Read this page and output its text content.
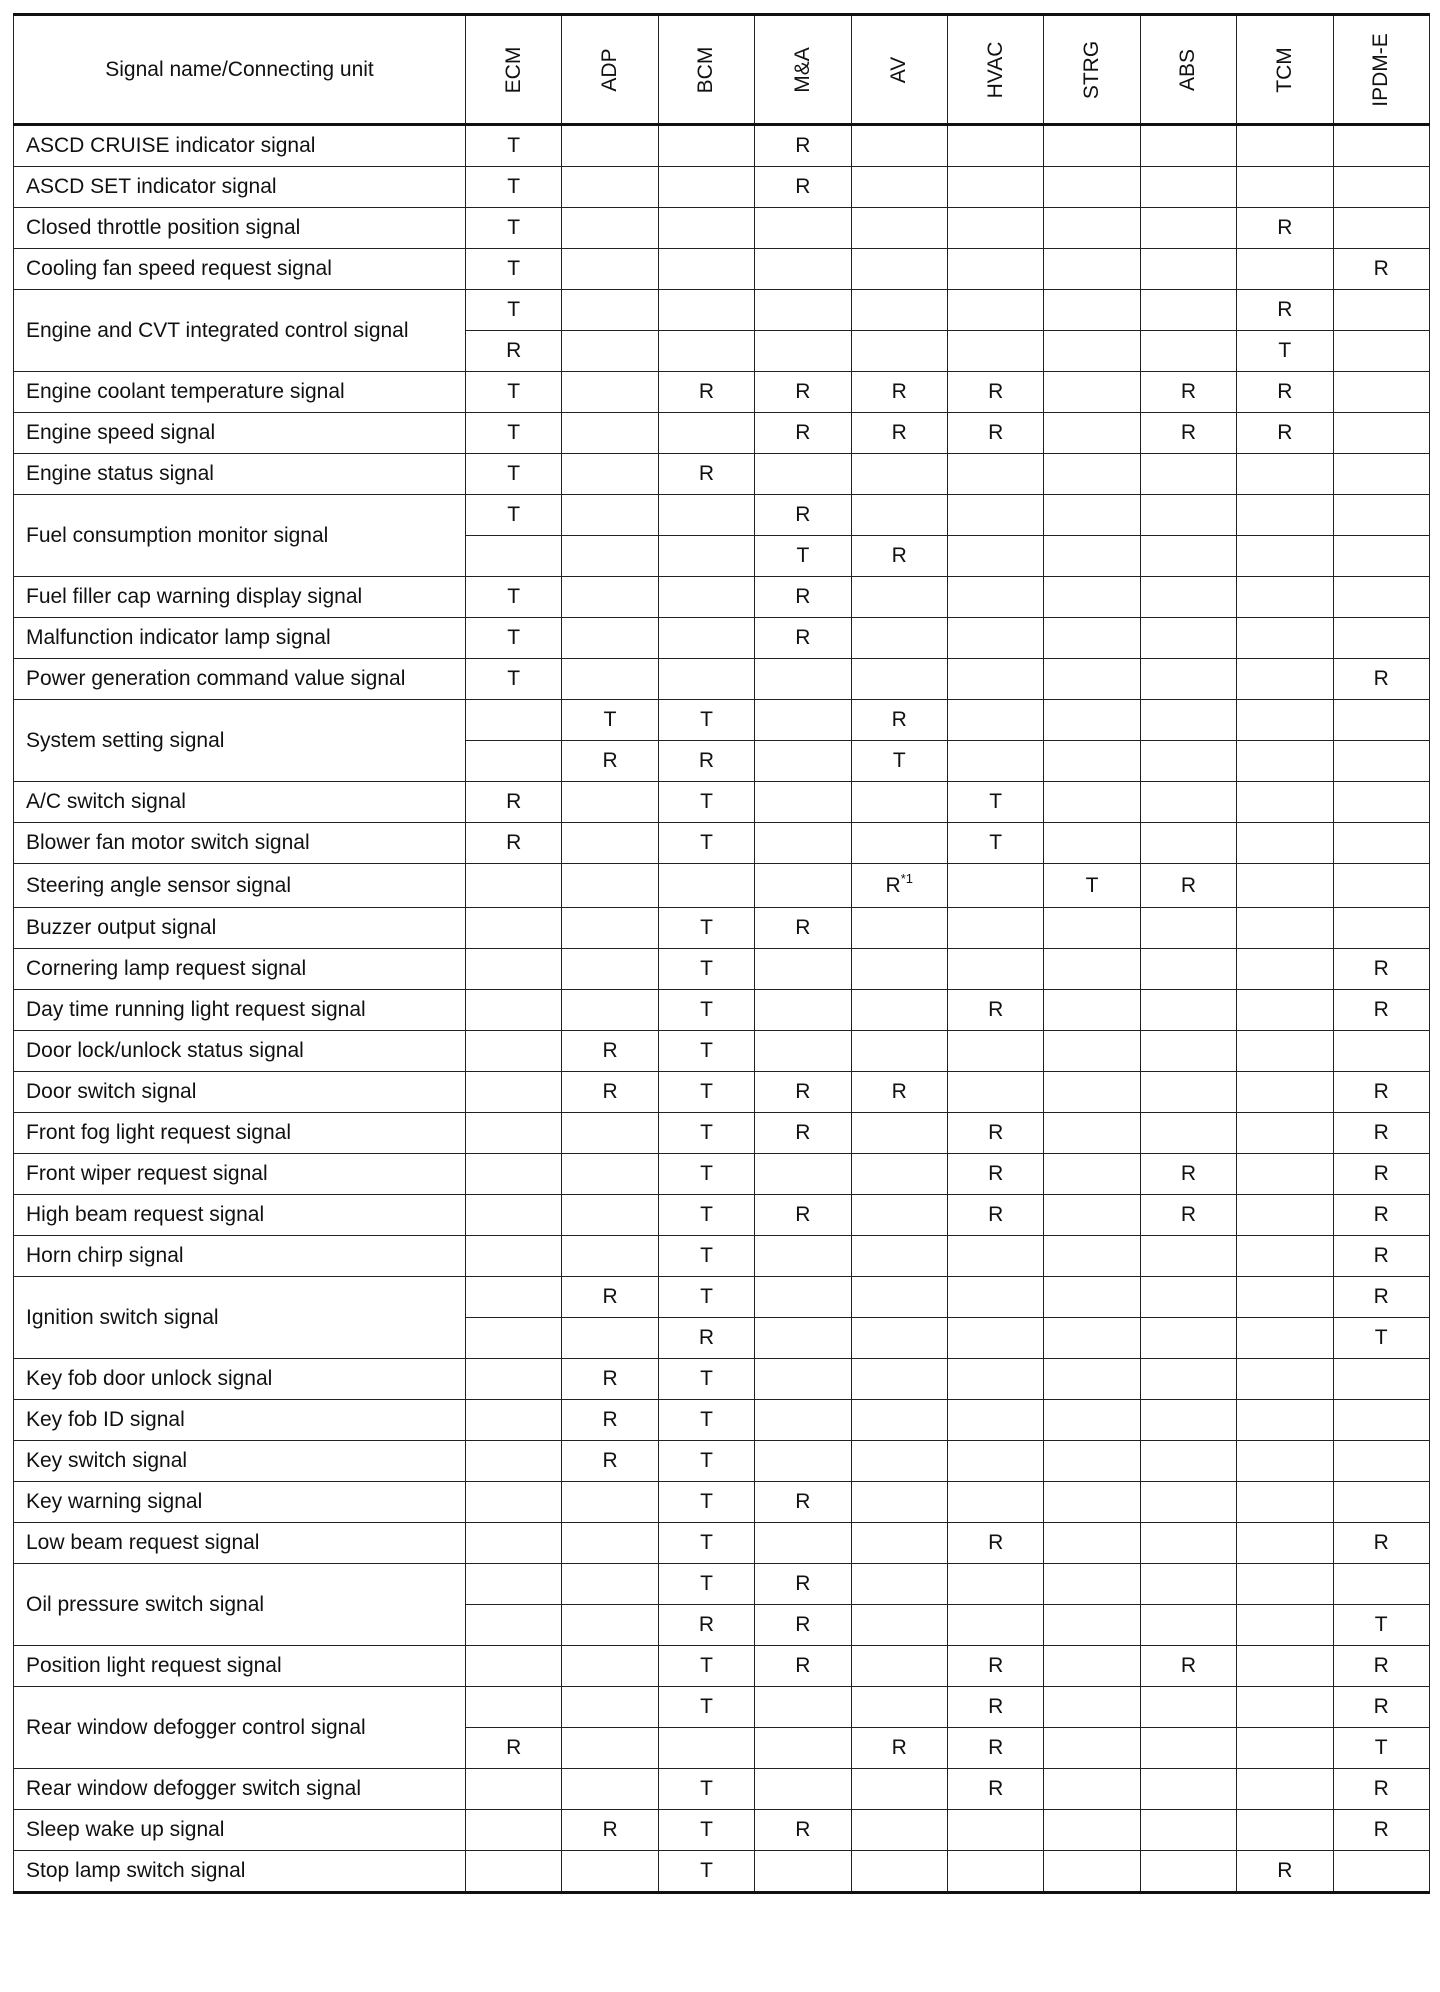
Signal name/Connecting unit	ECM	ADP	BCM	M&A	AV	HVAC	STRG	ABS	TCM	IPDM-E

ASCD CRUISE indicator signal	T			R						
ASCD SET indicator signal	T			R						
Closed throttle position signal	T								R	
Cooling fan speed request signal	T									R
Engine and CVT integrated control signal	T								R	
	R								T	
Engine coolant temperature signal	T		R	R	R	R		R	R	
Engine speed signal	T			R	R	R		R	R	
Engine status signal	T		R							
Fuel consumption monitor signal	T			R						
				T	R					
Fuel filler cap warning display signal	T			R						
Malfunction indicator lamp signal	T			R						
Power generation command value signal	T									R
System setting signal		T	T		R					
		R	R		T					
A/C switch signal	R		T			T				
Blower fan motor switch signal	R		T			T				
Steering angle sensor signal					$R^{*1}$		T	R		
Buzzer output signal			T	R						
Cornering lamp request signal			T							R
Day time running light request signal			T			R				R
Door lock/unlock status signal		R	T							
Door switch signal		R	T	R	R					R
Front fog light request signal			T	R		R				R
Front wiper request signal			T			R		R		R
High beam request signal			T	R		R		R		R
Horn chirp signal			T							R
Ignition switch signal		R	T							R
			R							T
Key fob door unlock signal		R	T							
Key fob ID signal		R	T							
Key switch signal		R	T							
Key warning signal			T	R						
Low beam request signal			T			R				R
Oil pressure switch signal			T	R						
			R	R						T
Position light request signal			T	R		R		R		R
Rear window defogger control signal			T			R				R
	R				R	R				T
Rear window defogger switch signal			T			R				R
Sleep wake up signal		R	T	R						R
Stop lamp switch signal			T						R	
